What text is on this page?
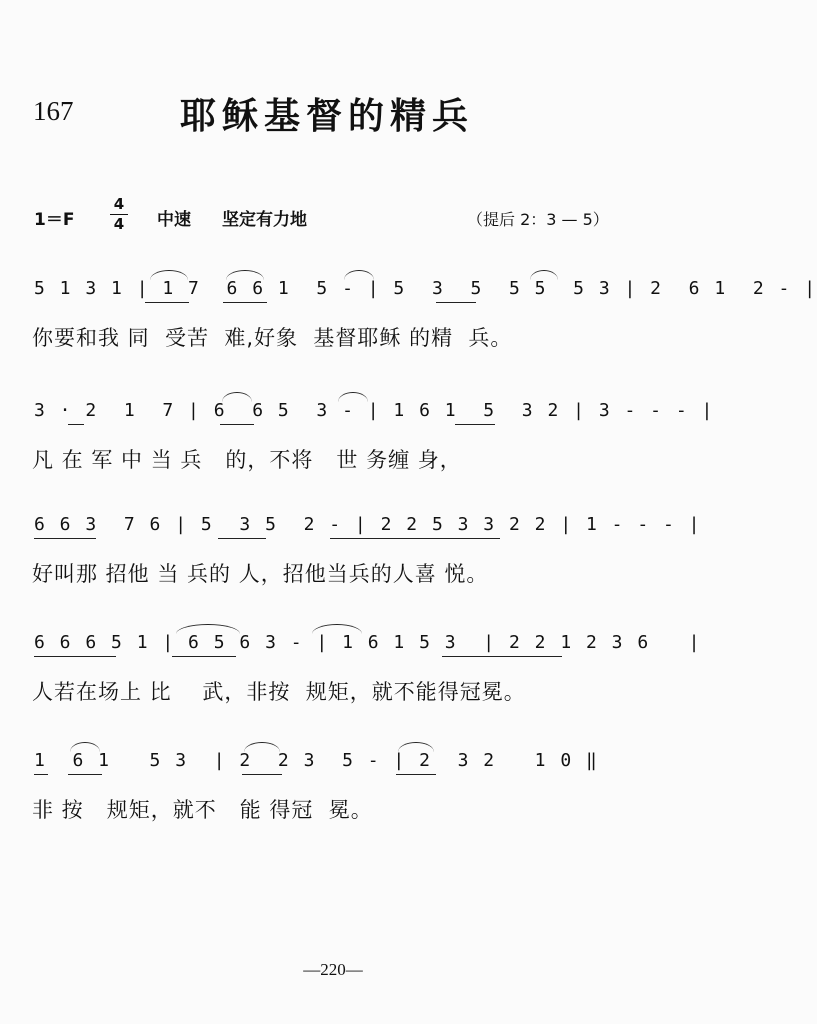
167	耶稣基督的精兵
1＝F
4
4 中速 坚定有力地	（提后 2：3 — 5）
5 1 3 1 | 1 7  6 6 1  5 - | 5  3  5  5 5  5 3 | 2  6 1  2 - |
你要和我 同  受苦  难,好象  基督耶稣 的精  兵。
3 · 2  1  7 | 6  6 5  3 - | 1 6 1  5  3 2 | 3 - - - |
凡 在 军 中 当 兵   的，不将   世 务缠 身，
6 6 3  7 6 | 5  3 5  2 - | 2 2 5 3 3 2 2 | 1 - - - |
好叫那 招他 当 兵的 人，招他当兵的人喜 悦。
6 6 6 5 1 | 6 5 6 3 - | 1 6 1 5 3  | 2 2 1 2 3 6   |
人若在场上 比    武，非按  规矩，就不能得冠冕。
1  6 1   5 3  | 2  2 3  5 - | 2  3 2   1 0 ‖
非 按   规矩，就不   能 得冠  冕。
—220—
